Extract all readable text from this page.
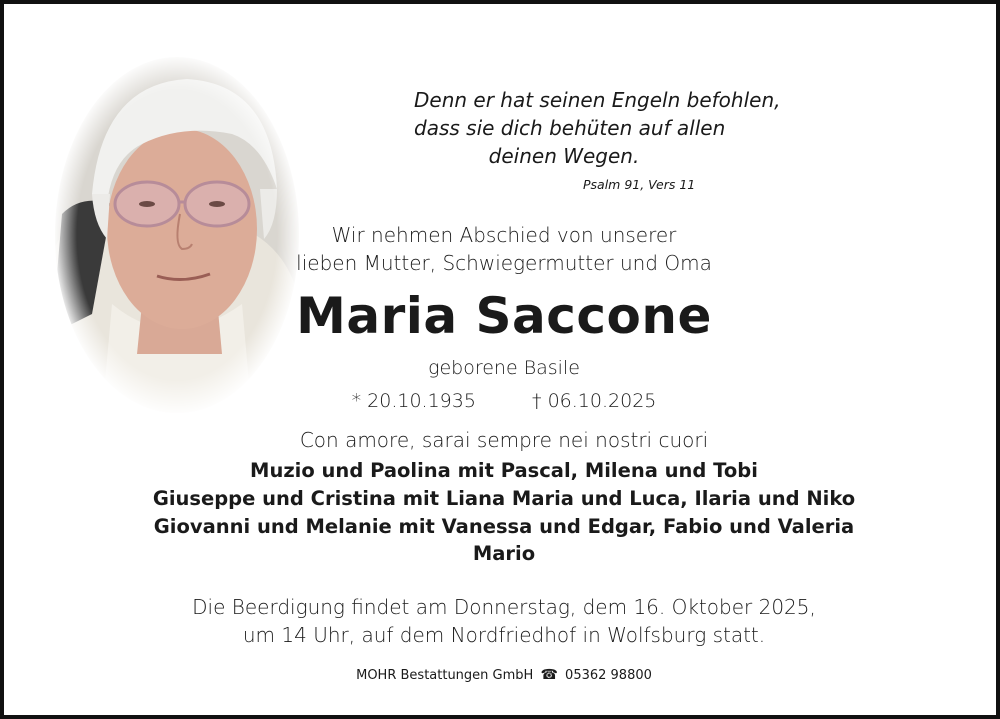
Denn er hat seinen Engeln befohlen,
dass sie dich behüten auf allen
deinen Wegen.
Psalm 91, Vers 11
Wir nehmen Abschied von unserer
lieben Mutter, Schwiegermutter und Oma
Maria Saccone
geborene Basile
* 20.10.1935	† 06.10.2025
Con amore, sarai sempre nei nostri cuori
Muzio und Paolina mit Pascal, Milena und Tobi
Giuseppe und Cristina mit Liana Maria und Luca, Ilaria und Niko
Giovanni und Melanie mit Vanessa und Edgar, Fabio und Valeria
Mario
Die Beerdigung findet am Donnerstag, dem 16. Oktober 2025,
um 14 Uhr, auf dem Nordfriedhof in Wolfsburg statt.
MOHR Bestattungen GmbH ☎ 05362 98800
